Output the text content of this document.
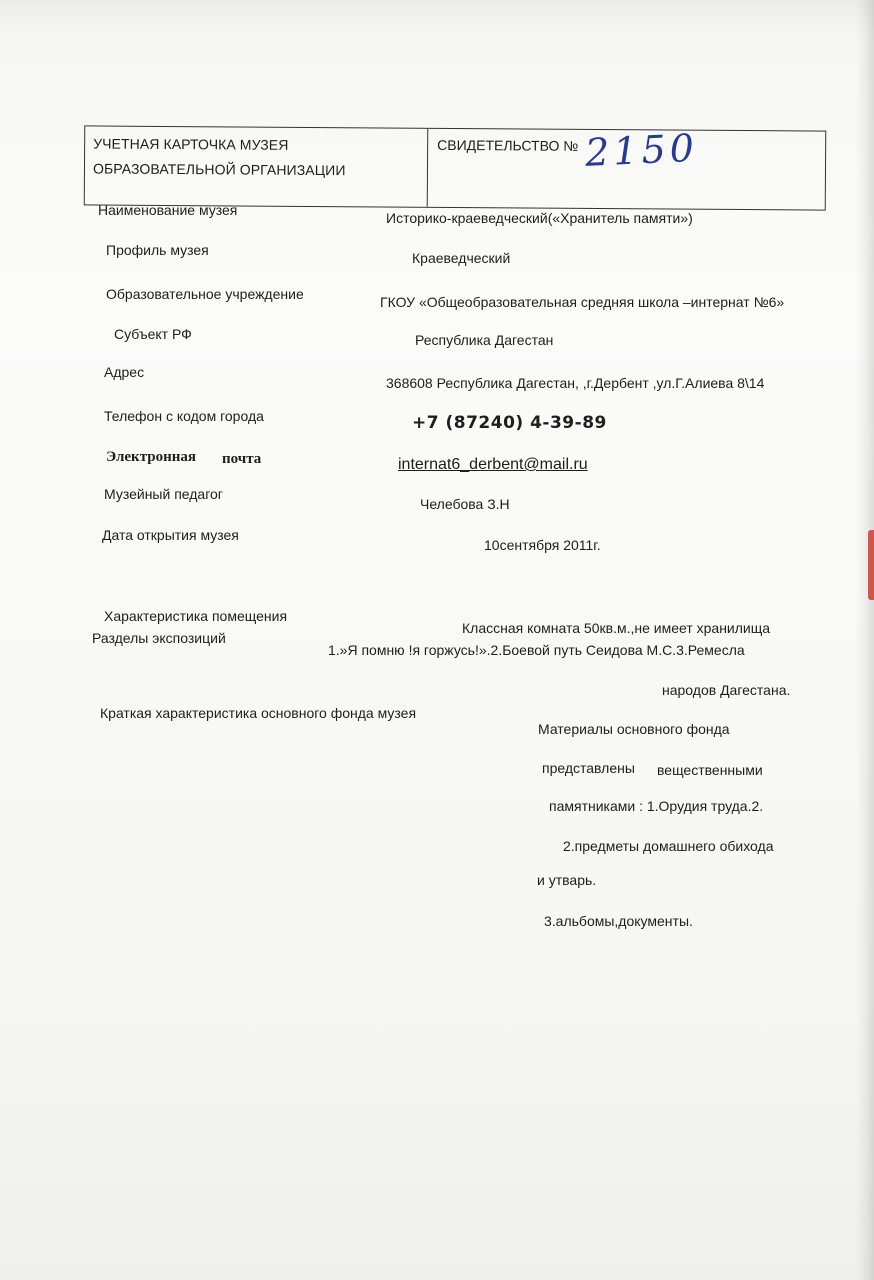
УЧЕТНАЯ КАРТОЧКА МУЗЕЯ
ОБРАЗОВАТЕЛЬНОЙ ОРГАНИЗАЦИИ
СВИДЕТЕЛЬСТВО № 2150
Наименование музея
Профиль музея
Образовательное учреждение
Субъект РФ
Адрес
Телефон с кодом города
Электронная почта
Музейный педагог
Дата открытия музея
Характеристика помещения
Разделы экспозиций
Краткая характеристика основного фонда музея
Историко-краеведческий(«Хранитель памяти»)
Краеведческий
ГКОУ «Общеобразовательная средняя школа –интернат №6»
Республика Дагестан
368608 Республика Дагестан, ,г.Дербент ,ул.Г.Алиева 8\14
+7 (87240) 4-39-89
internat6_derbent@mail.ru
Челебова З.Н
10сентября 2011г.
Классная комната 50кв.м.,не имеет хранилища
1.»Я помню !я горжусь!».2.Боевой путь Сеидова М.С.3.Ремесла
народов Дагестана.
Материалы основного фонда
представлены вещественными
памятниками : 1.Орудия труда.2.
2.предметы домашнего обихода
и утварь.
3.альбомы,документы.
